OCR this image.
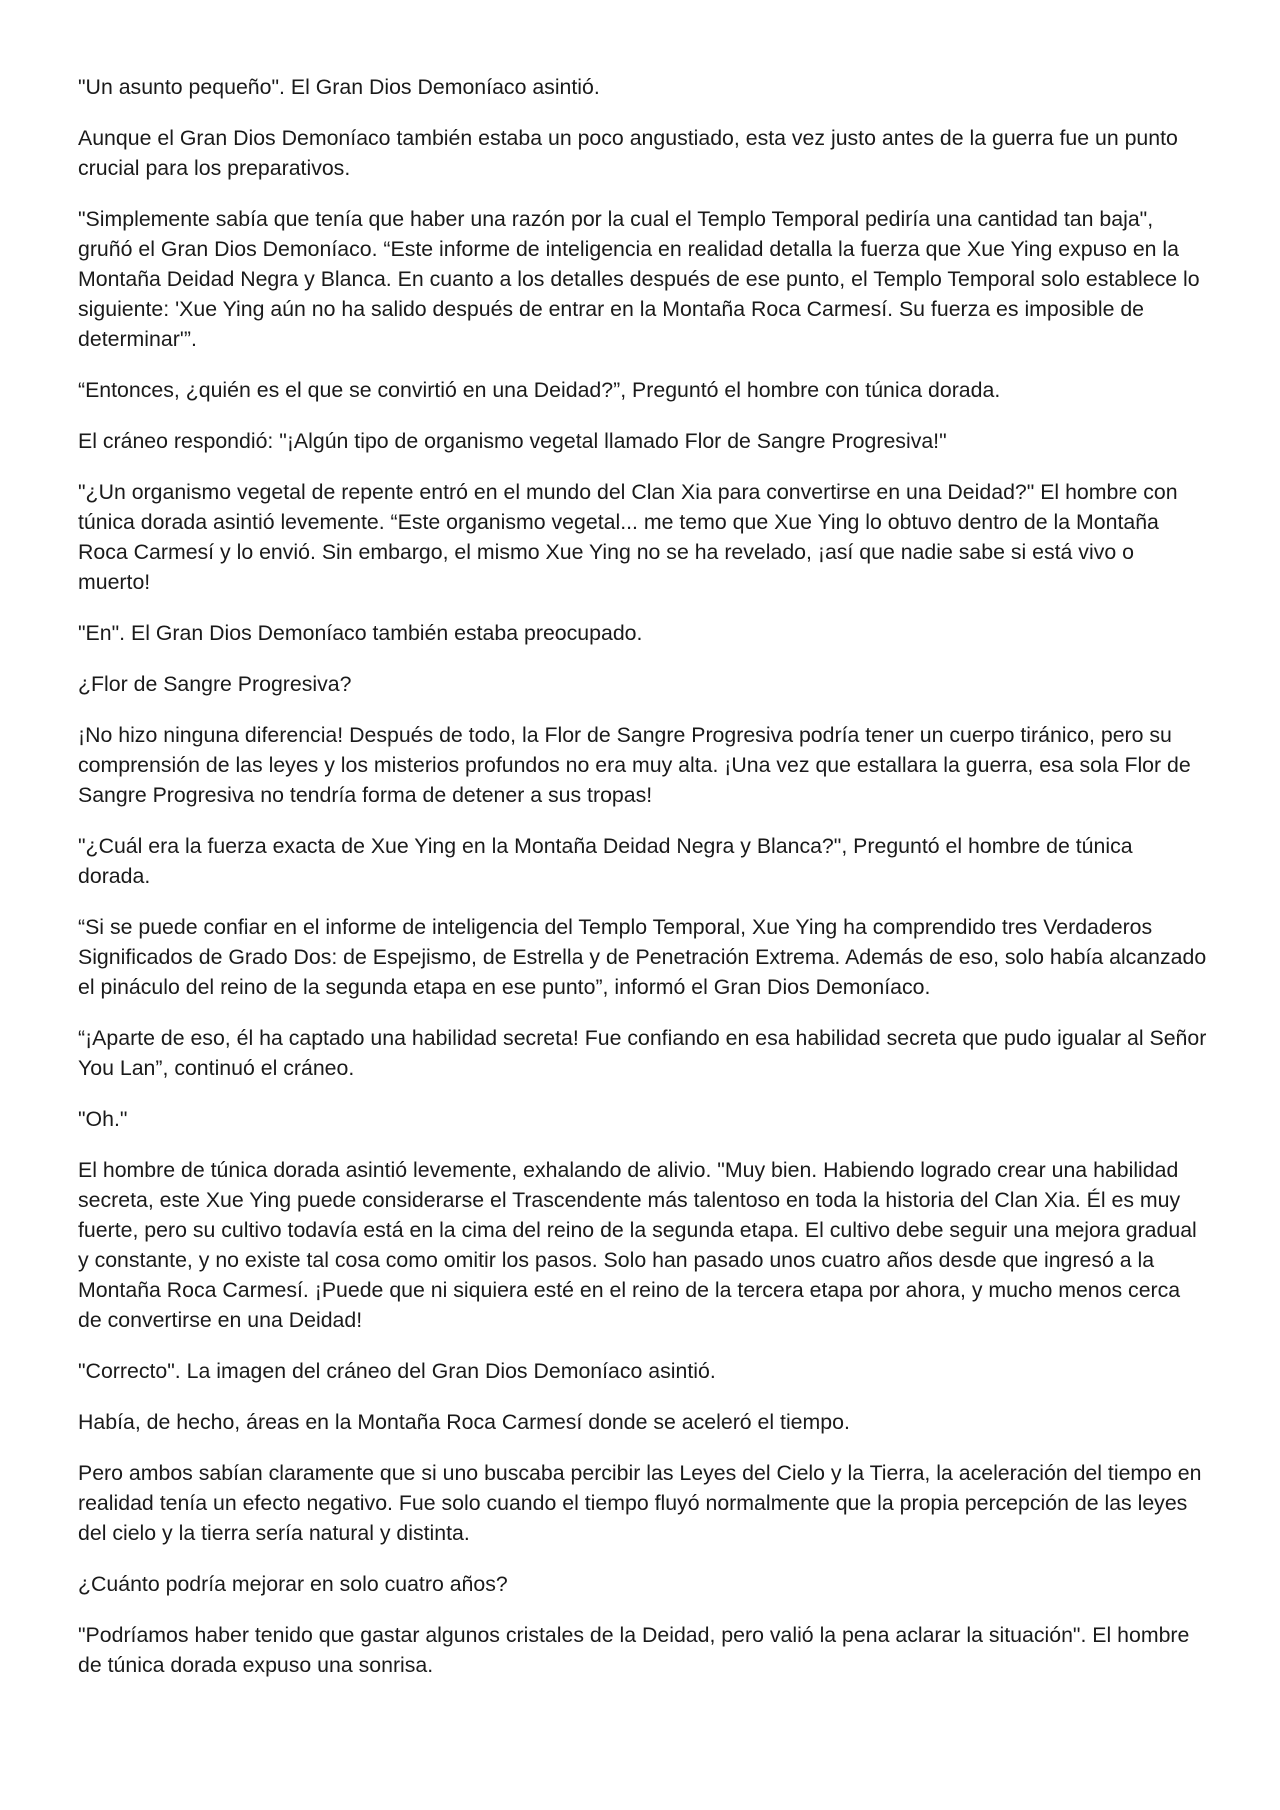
"Un asunto pequeño". El Gran Dios Demoníaco asintió.

Aunque el Gran Dios Demoníaco también estaba un poco angustiado, esta vez justo antes de la guerra fue un punto crucial para los preparativos.

"Simplemente sabía que tenía que haber una razón por la cual el Templo Temporal pediría una cantidad tan baja", gruñó el Gran Dios Demoníaco. “Este informe de inteligencia en realidad detalla la fuerza que Xue Ying expuso en la Montaña Deidad Negra y Blanca. En cuanto a los detalles después de ese punto, el Templo Temporal solo establece lo siguiente: 'Xue Ying aún no ha salido después de entrar en la Montaña Roca Carmesí. Su fuerza es imposible de determinar'”.

“Entonces, ¿quién es el que se convirtió en una Deidad?”, Preguntó el hombre con túnica dorada.

El cráneo respondió: "¡Algún tipo de organismo vegetal llamado Flor de Sangre Progresiva!"

"¿Un organismo vegetal de repente entró en el mundo del Clan Xia para convertirse en una Deidad?" El hombre con túnica dorada asintió levemente. “Este organismo vegetal... me temo que Xue Ying lo obtuvo dentro de la Montaña Roca Carmesí y lo envió. Sin embargo, el mismo Xue Ying no se ha revelado, ¡así que nadie sabe si está vivo o muerto!

"En". El Gran Dios Demoníaco también estaba preocupado.

¿Flor de Sangre Progresiva?

¡No hizo ninguna diferencia! Después de todo, la Flor de Sangre Progresiva podría tener un cuerpo tiránico, pero su comprensión de las leyes y los misterios profundos no era muy alta. ¡Una vez que estallara la guerra, esa sola Flor de Sangre Progresiva no tendría forma de detener a sus tropas!

"¿Cuál era la fuerza exacta de Xue Ying en la Montaña Deidad Negra y Blanca?", Preguntó el hombre de túnica dorada.

“Si se puede confiar en el informe de inteligencia del Templo Temporal, Xue Ying ha comprendido tres Verdaderos Significados de Grado Dos: de Espejismo, de Estrella y de Penetración Extrema. Además de eso, solo había alcanzado el pináculo del reino de la segunda etapa en ese punto”, informó el Gran Dios Demoníaco.

“¡Aparte de eso, él ha captado una habilidad secreta! Fue confiando en esa habilidad secreta que pudo igualar al Señor You Lan”, continuó el cráneo.

"Oh."

El hombre de túnica dorada asintió levemente, exhalando de alivio. "Muy bien. Habiendo logrado crear una habilidad secreta, este Xue Ying puede considerarse el Trascendente más talentoso en toda la historia del Clan Xia. Él es muy fuerte, pero su cultivo todavía está en la cima del reino de la segunda etapa. El cultivo debe seguir una mejora gradual y constante, y no existe tal cosa como omitir los pasos. Solo han pasado unos cuatro años desde que ingresó a la Montaña Roca Carmesí. ¡Puede que ni siquiera esté en el reino de la tercera etapa por ahora, y mucho menos cerca de convertirse en una Deidad!

"Correcto". La imagen del cráneo del Gran Dios Demoníaco asintió.

Había, de hecho, áreas en la Montaña Roca Carmesí donde se aceleró el tiempo.

Pero ambos sabían claramente que si uno buscaba percibir las Leyes del Cielo y la Tierra, la aceleración del tiempo en realidad tenía un efecto negativo. Fue solo cuando el tiempo fluyó normalmente que la propia percepción de las leyes del cielo y la tierra sería natural y distinta.

¿Cuánto podría mejorar en solo cuatro años?

"Podríamos haber tenido que gastar algunos cristales de la Deidad, pero valió la pena aclarar la situación". El hombre de túnica dorada expuso una sonrisa.
